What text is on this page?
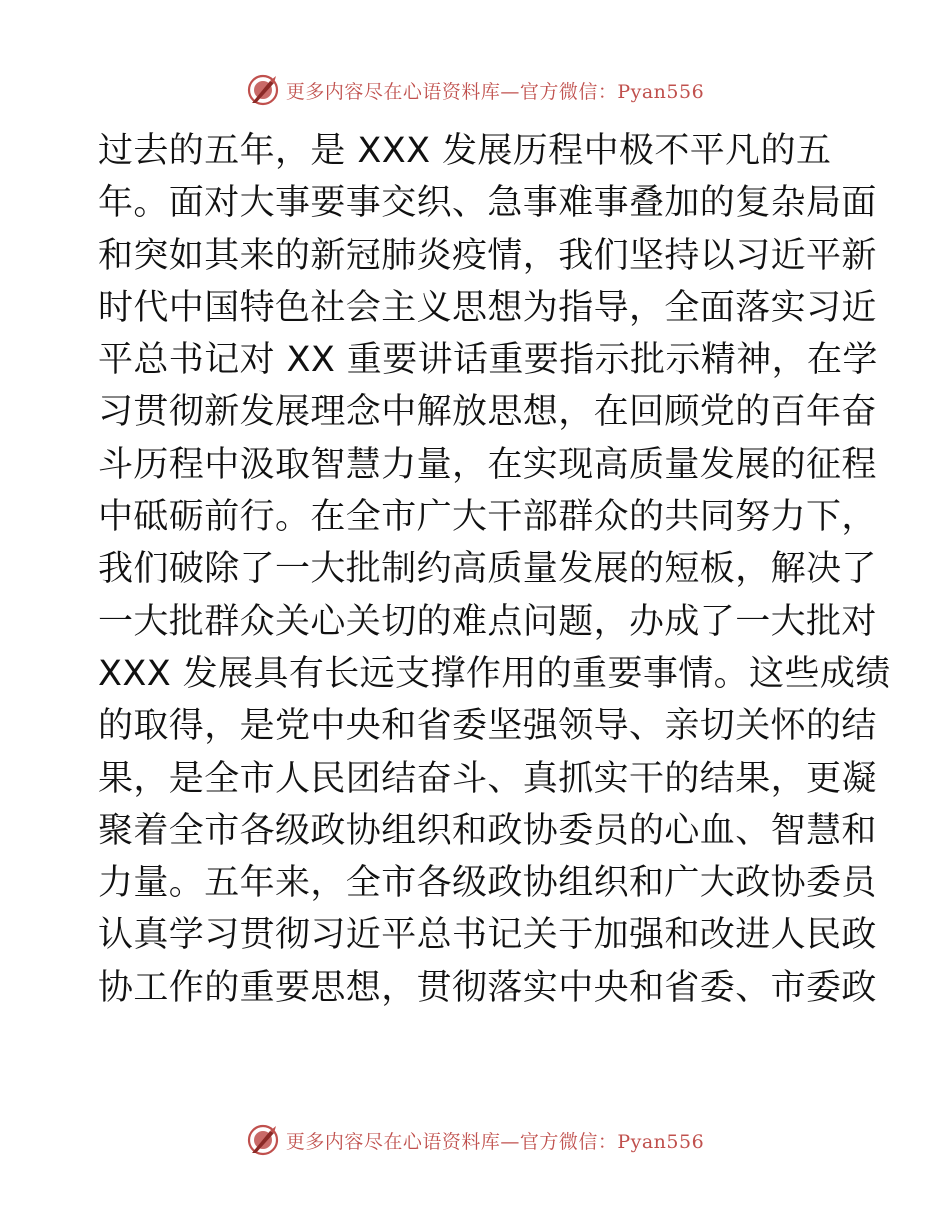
更多内容尽在心语资料库—官方微信：Pyan556
过去的五年，是 XXX 发展历程中极不平凡的五
年。面对大事要事交织、急事难事叠加的复杂局面
和突如其来的新冠肺炎疫情，我们坚持以习近平新
时代中国特色社会主义思想为指导，全面落实习近
平总书记对 XX 重要讲话重要指示批示精神，在学
习贯彻新发展理念中解放思想，在回顾党的百年奋
斗历程中汲取智慧力量，在实现高质量发展的征程
中砥砺前行。在全市广大干部群众的共同努力下，
我们破除了一大批制约高质量发展的短板，解决了
一大批群众关心关切的难点问题，办成了一大批对
XXX 发展具有长远支撑作用的重要事情。这些成绩
的取得，是党中央和省委坚强领导、亲切关怀的结
果，是全市人民团结奋斗、真抓实干的结果，更凝
聚着全市各级政协组织和政协委员的心血、智慧和
力量。五年来，全市各级政协组织和广大政协委员
认真学习贯彻习近平总书记关于加强和改进人民政
协工作的重要思想，贯彻落实中央和省委、市委政
更多内容尽在心语资料库—官方微信：Pyan556
